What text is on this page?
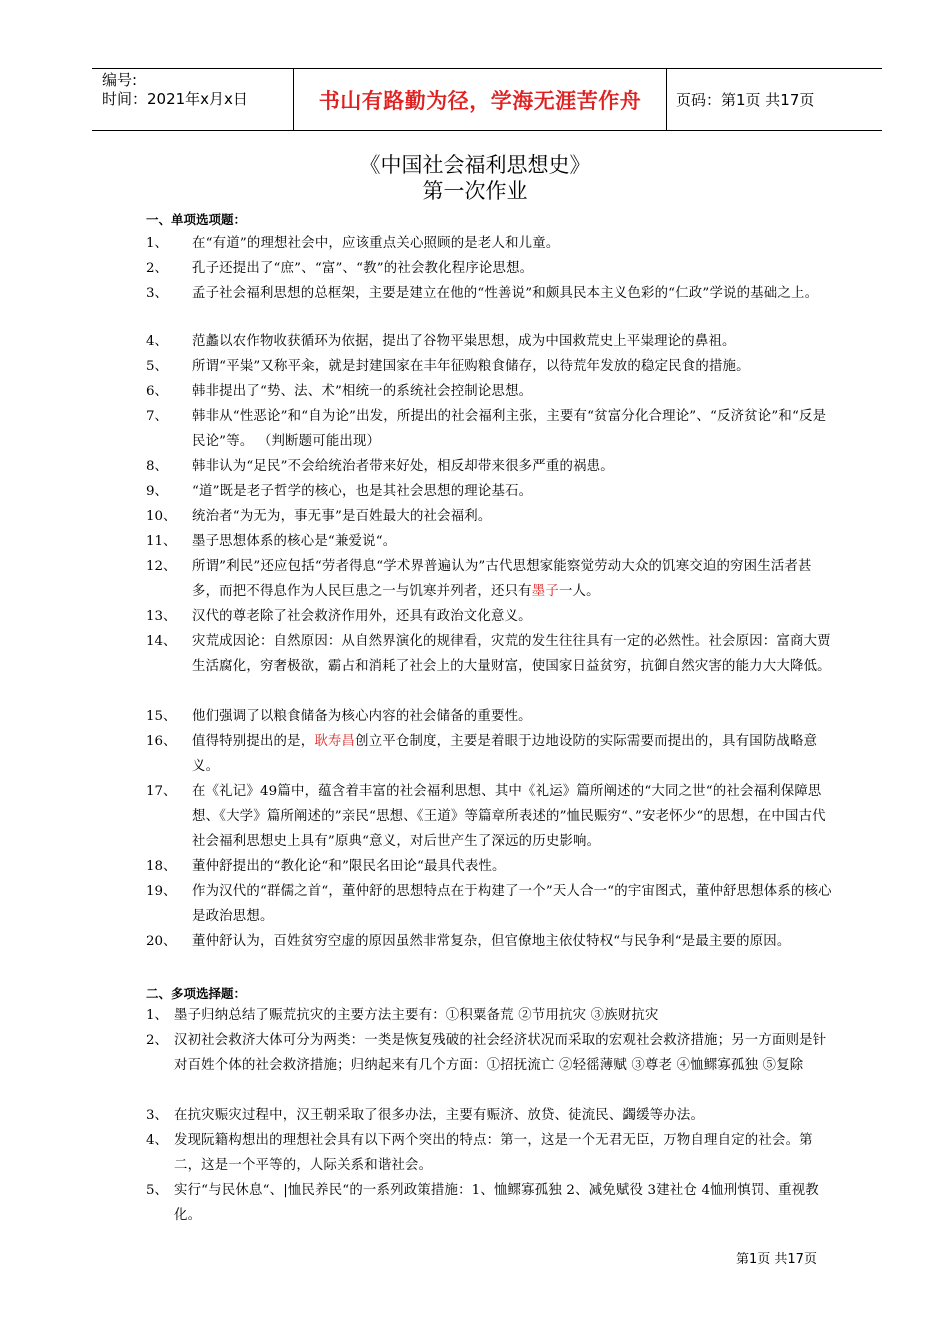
编号:
时间：2021年x月x日	书山有路勤为径，学海无涯苦作舟	页码：第1页 共17页
《中国社会福利思想史》
第一次作业
一、单项选项题：
1、 在“有道”的理想社会中，应该重点关心照顾的是老人和儿童。
2、 孔子还提出了“庶”、“富”、“教”的社会教化程序论思想。
3、 孟子社会福利思想的总框架，主要是建立在他的“性善说”和颇具民本主义色彩的“仁政”学说的基础之上。
4、 范蠡以农作物收获循环为依据，提出了谷物平粜思想，成为中国救荒史上平粜理论的鼻祖。
5、 所谓“平粜”又称平籴，就是封建国家在丰年征购粮食储存，以待荒年发放的稳定民食的措施。
6、 韩非提出了“势、法、术”相统一的系统社会控制论思想。
7、 韩非从“性恶论”和“自为论”出发，所提出的社会福利主张，主要有“贫富分化合理论”、“反济贫论”和“反是民论”等。 （判断题可能出现）
8、 韩非认为“足民”不会给统治者带来好处，相反却带来很多严重的祸患。
9、 “道”既是老子哲学的核心，也是其社会思想的理论基石。
10、 统治者“为无为，事无事”是百姓最大的社会福利。
11、 墨子思想体系的核心是“兼爱说“。
12、 所谓”利民”还应包括“劳者得息“学术界普遍认为”古代思想家能察觉劳动大众的饥寒交迫的穷困生活者甚多，而把不得息作为人民巨患之一与饥寒并列者，还只有墨子一人。
13、 汉代的尊老除了社会救济作用外，还具有政治文化意义。
14、 灾荒成因论：自然原因：从自然界演化的规律看，灾荒的发生往往具有一定的必然性。社会原因：富商大贾生活腐化，穷奢极欲，霸占和消耗了社会上的大量财富，使国家日益贫穷，抗御自然灾害的能力大大降低。
15、 他们强调了以粮食储备为核心内容的社会储备的重要性。
16、 值得特别提出的是，耿寿昌创立平仓制度，主要是着眼于边地设防的实际需要而提出的，具有国防战略意义。
17、 在《礼记》49篇中，蕴含着丰富的社会福利思想、其中《礼运》篇所阐述的“大同之世“的社会福利保障思想、《大学》篇所阐述的”亲民“思想、《王道》等篇章所表述的”恤民赈穷“、”安老怀少“的思想，在中国古代社会福利思想史上具有”原典“意义，对后世产生了深远的历史影响。
18、 董仲舒提出的“教化论“和”限民名田论“最具代表性。
19、 作为汉代的“群儒之首“，董仲舒的思想特点在于构建了一个”天人合一“的宇宙图式，董仲舒思想体系的核心是政治思想。
20、 董仲舒认为，百姓贫穷空虚的原因虽然非常复杂，但官僚地主依仗特权“与民争利“是最主要的原因。
二、多项选择题：
1、 墨子归纳总结了赈荒抗灾的主要方法主要有：①积粟备荒 ②节用抗灾 ③族财抗灾
2、 汉初社会救济大体可分为两类：一类是恢复残破的社会经济状况而采取的宏观社会救济措施；另一方面则是针对百姓个体的社会救济措施；归纳起来有几个方面：①招抚流亡 ②轻徭薄赋 ③尊老 ④恤鳏寡孤独 ⑤复除
3、 在抗灾赈灾过程中，汉王朝采取了很多办法，主要有赈济、放贷、徒流民、蠲缓等办法。
4、 发现阮籍构想出的理想社会具有以下两个突出的特点：第一，这是一个无君无臣，万物自理自定的社会。第二，这是一个平等的，人际关系和谐社会。
5、 实行“与民休息“、|恤民养民“的一系列政策措施：1、恤鳏寡孤独 2、减免赋役 3建社仓 4恤刑慎罚、重视教化。
第1页 共17页
